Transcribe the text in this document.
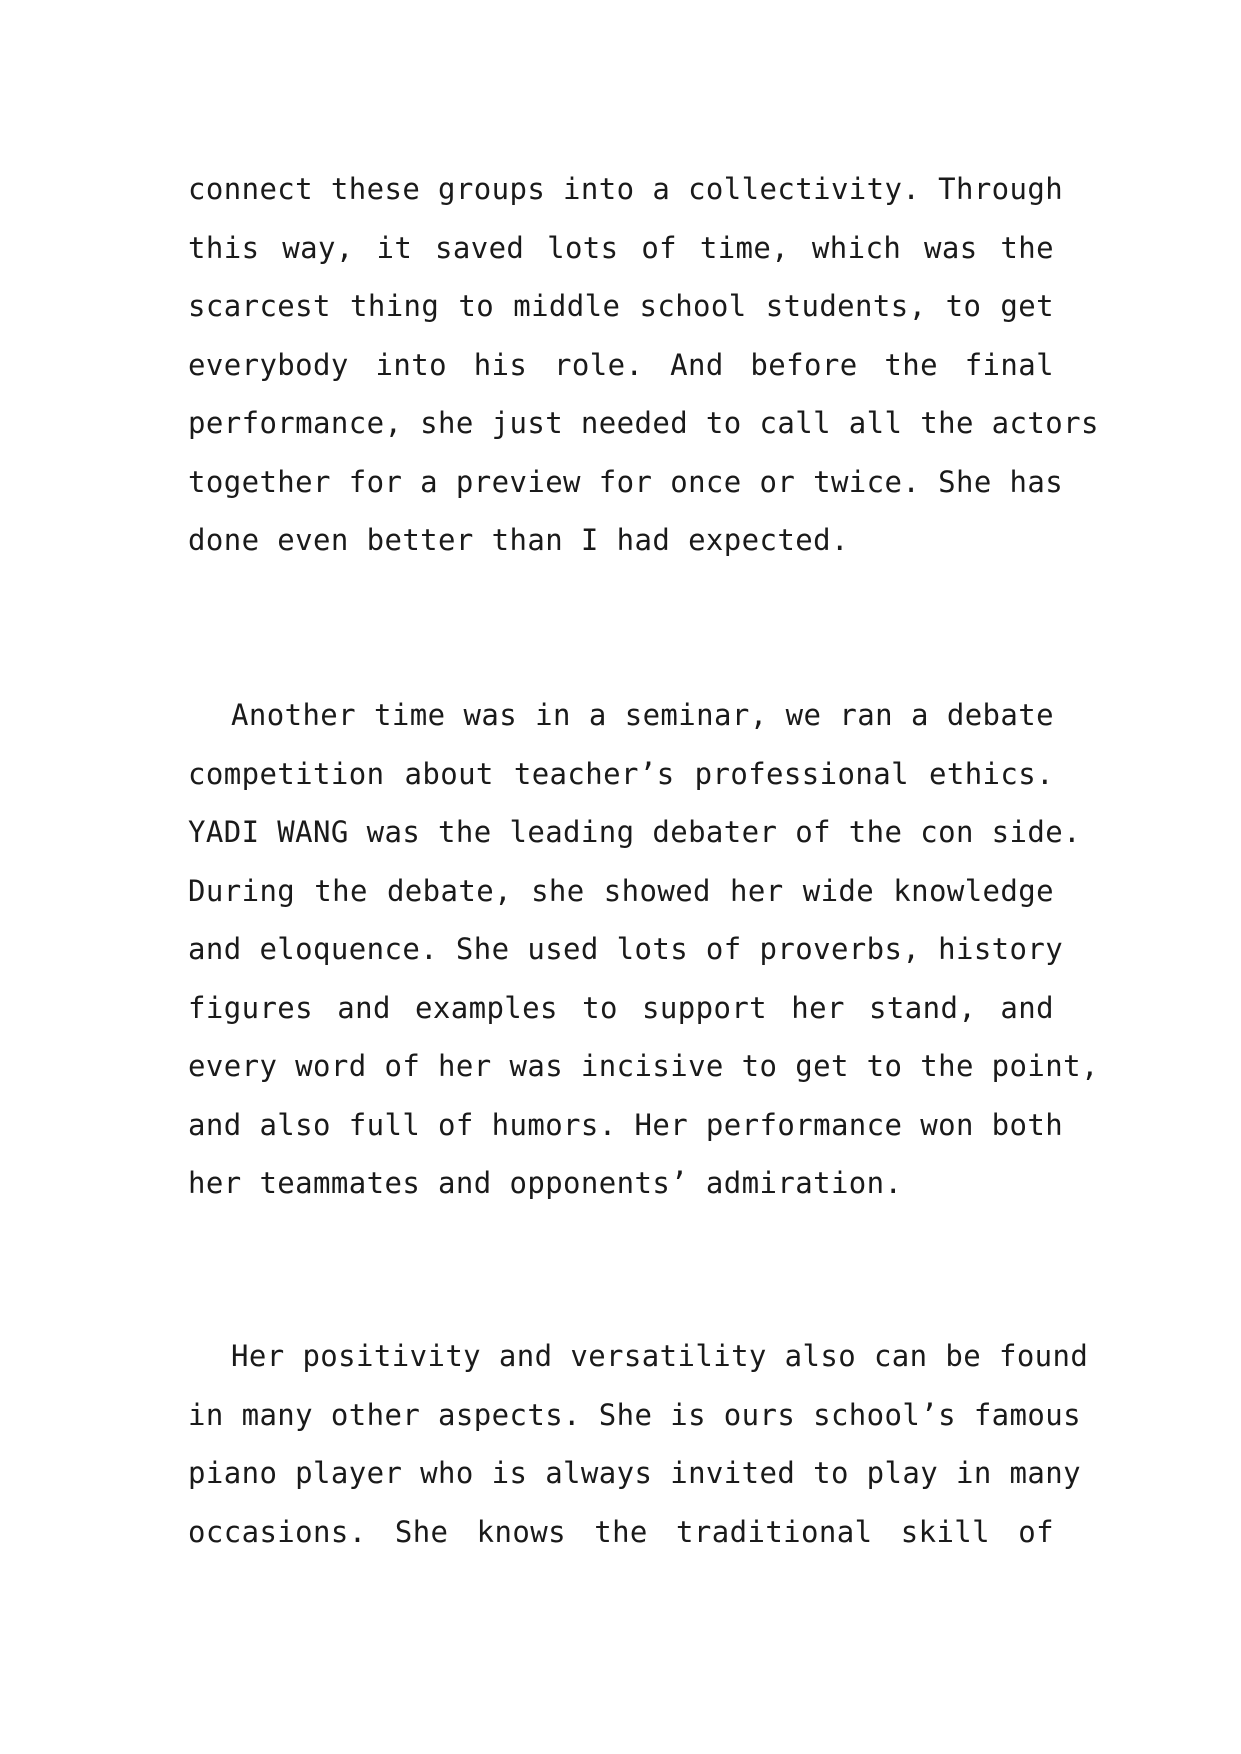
connect these groups into a collectivity. Through
this way, it saved lots of time, which was the
scarcest thing to middle school students, to get
everybody into his role. And before the final
performance, she just needed to call all the actors
together for a preview for once or twice. She has
done even better than I had expected.
Another time was in a seminar, we ran a debate
competition about teacher’s professional ethics.
YADI WANG was the leading debater of the con side.
During the debate, she showed her wide knowledge
and eloquence. She used lots of proverbs, history
figures and examples to support her stand, and
every word of her was incisive to get to the point,
and also full of humors. Her performance won both
her teammates and opponents’ admiration.
Her positivity and versatility also can be found
in many other aspects. She is ours school’s famous
piano player who is always invited to play in many
occasions. She knows the traditional skill of
